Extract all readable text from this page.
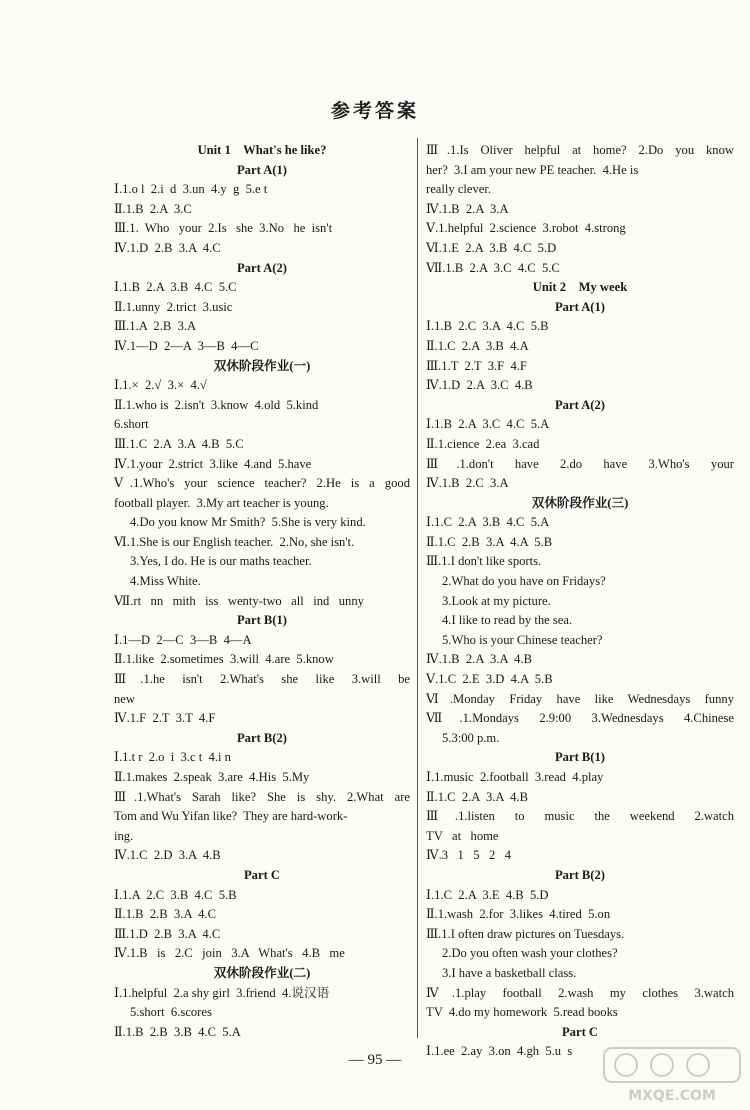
参考答案
Unit 1    What's he like?
Part A(1)
Ⅰ.1.o l  2.i  d  3.un  4.y  g  5.e t
Ⅱ.1.B  2.A  3.C
Ⅲ.1.  Who   your  2.Is   she  3.No   he  isn't
Ⅳ.1.D  2.B  3.A  4.C
Part A(2)
Ⅰ.1.B  2.A  3.B  4.C  5.C
Ⅱ.1.unny  2.trict  3.usic
Ⅲ.1.A  2.B  3.A
Ⅳ.1—D  2—A  3—B  4—C
双休阶段作业(一)
Ⅰ.1.×  2.√  3.×  4.√
Ⅱ.1.who is  2.isn't  3.know  4.old  5.kind
6.short
Ⅲ.1.C  2.A  3.A  4.B  5.C
Ⅳ.1.your  2.strict  3.like  4.and  5.have
Ⅴ.1.Who's your science teacher? 2.He is a good
football player.  3.My art teacher is young.
4.Do you know Mr Smith?  5.She is very kind.
Ⅵ.1.She is our English teacher.  2.No, she isn't.
3.Yes, I do. He is our maths teacher.
4.Miss White.
Ⅶ.rt   nn   mith   iss   wenty-two   all   ind   unny
Part B(1)
Ⅰ.1—D  2—C  3—B  4—A
Ⅱ.1.like  2.sometimes  3.will  4.are  5.know
Ⅲ.1.he isn't 2.What's she like 3.will be
new
Ⅳ.1.F  2.T  3.T  4.F
Part B(2)
Ⅰ.1.t r  2.o  i  3.c t  4.i n
Ⅱ.1.makes  2.speak  3.are  4.His  5.My
Ⅲ.1.What's Sarah like? She is shy. 2.What are
Tom and Wu Yifan like?  They are hard-work-
ing.
Ⅳ.1.C  2.D  3.A  4.B
Part C
Ⅰ.1.A  2.C  3.B  4.C  5.B
Ⅱ.1.B  2.B  3.A  4.C
Ⅲ.1.D  2.B  3.A  4.C
Ⅳ.1.B   is   2.C   join   3.A   What's   4.B   me
双休阶段作业(二)
Ⅰ.1.helpful  2.a shy girl  3.friend  4.说汉语
5.short  6.scores
Ⅱ.1.B  2.B  3.B  4.C  5.A
Ⅲ.1.Is Oliver helpful at home? 2.Do you know
her?  3.I am your new PE teacher.  4.He is
really clever.
Ⅳ.1.B  2.A  3.A
Ⅴ.1.helpful  2.science  3.robot  4.strong
Ⅵ.1.E  2.A  3.B  4.C  5.D
Ⅶ.1.B  2.A  3.C  4.C  5.C
Unit 2    My week
Part A(1)
Ⅰ.1.B  2.C  3.A  4.C  5.B
Ⅱ.1.C  2.A  3.B  4.A
Ⅲ.1.T  2.T  3.F  4.F
Ⅳ.1.D  2.A  3.C  4.B
Part A(2)
Ⅰ.1.B  2.A  3.C  4.C  5.A
Ⅱ.1.cience  2.ea  3.cad
Ⅲ.1.don't have 2.do have 3.Who's your
Ⅳ.1.B  2.C  3.A
双休阶段作业(三)
Ⅰ.1.C  2.A  3.B  4.C  5.A
Ⅱ.1.C  2.B  3.A  4.A  5.B
Ⅲ.1.I don't like sports.
2.What do you have on Fridays?
3.Look at my picture.
4.I like to read by the sea.
5.Who is your Chinese teacher?
Ⅳ.1.B  2.A  3.A  4.B
Ⅴ.1.C  2.E  3.D  4.A  5.B
Ⅵ.Monday Friday have like Wednesdays funny
Ⅶ.1.Mondays 2.9:00 3.Wednesdays 4.Chinese
5.3:00 p.m.
Part B(1)
Ⅰ.1.music  2.football  3.read  4.play
Ⅱ.1.C  2.A  3.A  4.B
Ⅲ.1.listen to music the weekend 2.watch
TV   at   home
Ⅳ.3   1   5   2   4
Part B(2)
Ⅰ.1.C  2.A  3.E  4.B  5.D
Ⅱ.1.wash  2.for  3.likes  4.tired  5.on
Ⅲ.1.I often draw pictures on Tuesdays.
2.Do you often wash your clothes?
3.I have a basketball class.
Ⅳ.1.play football 2.wash my clothes 3.watch
TV  4.do my homework  5.read books
Part C
Ⅰ.1.ee  2.ay  3.on  4.gh  5.u  s
— 95 —
MXQE.COM
